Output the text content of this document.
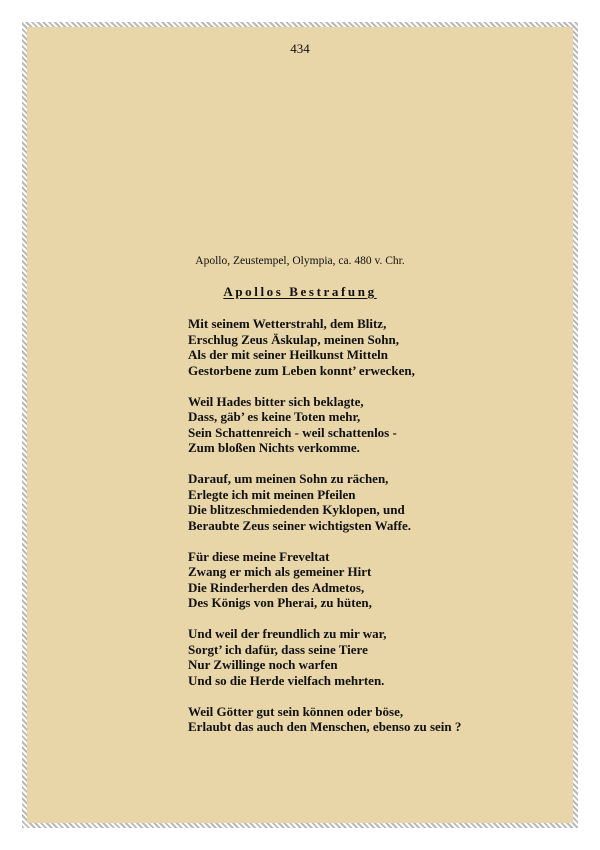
434
Apollo, Zeustempel, Olympia, ca. 480 v. Chr.
Apollos Bestrafung
Mit seinem Wetterstrahl, dem Blitz,
Erschlug Zeus Äskulap, meinen Sohn,
Als der mit seiner Heilkunst Mitteln
Gestorbene zum Leben konnt’ erwecken,
Weil Hades bitter sich beklagte,
Dass, gäb’ es keine Toten mehr,
Sein Schattenreich - weil schattenlos -
Zum bloßen Nichts verkomme.
Darauf, um meinen Sohn zu rächen,
Erlegte ich mit meinen Pfeilen
Die blitzeschmiedenden Kyklopen, und
Beraubte Zeus seiner wichtigsten Waffe.
Für diese meine Freveltat
Zwang er mich als gemeiner Hirt
Die Rinderherden des Admetos,
Des Königs von Pherai, zu hüten,
Und weil der freundlich zu mir war,
Sorgt’ ich dafür, dass seine Tiere
Nur Zwillinge noch warfen
Und so die Herde vielfach mehrten.
Weil Götter gut sein können oder böse,
Erlaubt das auch den Menschen, ebenso zu sein ?
